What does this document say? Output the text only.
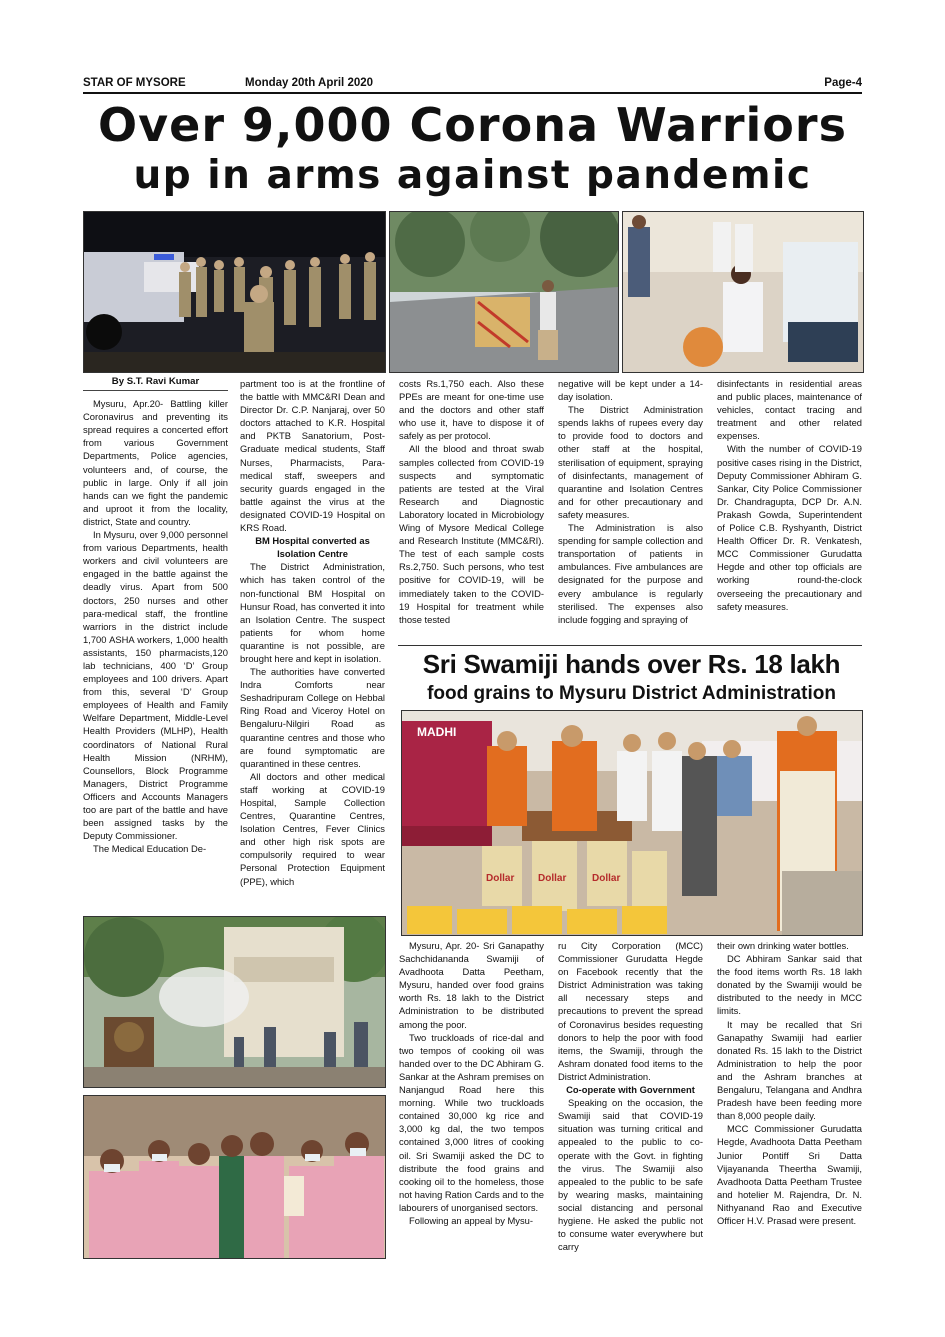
STAR OF MYSORE	Monday 20th April 2020	Page-4
Over 9,000 Corona Warriors
up in arms against pandemic
By S.T. Ravi Kumar

Mysuru, Apr.20- Battling killer Coronavirus and preventing its spread requires a concerted effort from various Government Departments, Police agencies, volunteers and, of course, the public in large. Only if all join hands can we fight the pandemic and uproot it from the locality, district, State and country.

In Mysuru, over 9,000 personnel from various Departments, health workers and civil volunteers are engaged in the battle against the deadly virus. Apart from 500 doctors, 250 nurses and other para-medical staff, the frontline warriors in the district include 1,700 ASHA workers, 1,000 health assistants, 150 pharmacists,120 lab technicians, 400 ‘D’ Group employees and 100 drivers. Apart from this, several ‘D’ Group employees of Health and Family Welfare Department, Middle-Level Health Providers (MLHP), Health coordinators of National Rural Health Mission (NRHM), Counsellors, Block Programme Managers, District Programme Officers and Accounts Managers too are part of the battle and have been assigned tasks by the Deputy Commissioner.

The Medical Education De-

partment too is at the frontline of the battle with MMC&RI Dean and Director Dr. C.P. Nanjaraj, over 50 doctors attached to K.R. Hospital and PKTB Sanatorium, Post-Graduate medical students, Staff Nurses, Pharmacists, Para-medical staff, sweepers and security guards engaged in the battle against the virus at the designated COVID-19 Hospital on KRS Road.

BM Hospital converted as Isolation Centre

The District Administration, which has taken control of the non-functional BM Hospital on Hunsur Road, has converted it into an Isolation Centre. The suspect patients for whom home quarantine is not possible, are brought here and kept in isolation.

The authorities have converted Indra Comforts near Seshadripuram College on Hebbal Ring Road and Viceroy Hotel on Bengaluru-Nilgiri Road as quarantine centres and those who are found symptomatic are quarantined in these centres.

All doctors and other medical staff working at COVID-19 Hospital, Sample Collection Centres, Quarantine Centres, Isolation Centres, Fever Clinics and other high risk spots are compulsorily required to wear Personal Protection Equipment (PPE), which

costs Rs.1,750 each. Also these PPEs are meant for one-time use and the doctors and other staff who use it, have to dispose it of safely as per protocol.

All the blood and throat swab samples collected from COVID-19 suspects and symptomatic patients are tested at the Viral Research and Diagnostic Laboratory located in Microbiology Wing of Mysore Medical College and Research Institute (MMC&RI). The test of each sample costs Rs.2,750. Such persons, who test positive for COVID-19, will be immediately taken to the COVID-19 Hospital for treatment while those tested

negative will be kept under a 14-day isolation.

The District Administration spends lakhs of rupees every day to provide food to doctors and other staff at the hospital, sterilisation of equipment, spraying of disinfectants, management of quarantine and Isolation Centres and for other precautionary and safety measures.

The Administration is also spending for sample collection and transportation of patients in ambulances. Five ambulances are designated for the purpose and every ambulance is regularly sterilised. The expenses also include fogging and spraying of

disinfectants in residential areas and public places, maintenance of vehicles, contact tracing and treatment and other related expenses.

With the number of COVID-19 positive cases rising in the District, Deputy Commissioner Abhiram G. Sankar, City Police Commissioner Dr. Chandragupta, DCP Dr. A.N. Prakash Gowda, Superintendent of Police C.B. Ryshyanth, District Health Officer Dr. R. Venkatesh, MCC Commissioner Gurudatta Hegde and other top officials are working round-the-clock overseeing the precautionary and safety measures.

Sri Swamiji hands over Rs. 18 lakh
food grains to Mysuru District Administration
MADHI
Dollar Dollar	Dollar

Mysuru, Apr. 20- Sri Ganapathy Sachchidananda Swamiji of Avadhoota Datta Peetham, Mysuru, handed over food grains worth Rs. 18 lakh to the District Administration to be distributed among the poor.

Two truckloads of rice-dal and two tempos of cooking oil was handed over to the DC Abhiram G. Sankar at the Ashram premises on Nanjangud Road here this morning. While two truckloads contained 30,000 kg rice and 3,000 kg dal, the two tempos contained 3,000 litres of cooking oil. Sri Swamiji asked the DC to distribute the food grains and cooking oil to the homeless, those not having Ration Cards and to the labourers of unorganised sectors.

Following an appeal by Mysu-

ru City Corporation (MCC) Commissioner Gurudatta Hegde on Facebook recently that the District Administration was taking all necessary steps and precautions to prevent the spread of Coronavirus besides requesting donors to help the poor with food items, the Swamiji, through the Ashram donated food items to the District Administration.

Co-operate with Government

Speaking on the occasion, the Swamiji said that COVID-19 situation was turning critical and appealed to the public to co-operate with the Govt. in fighting the virus. The Swamiji also appealed to the public to be safe by wearing masks, maintaining social distancing and personal hygiene. He asked the public not to consume water everywhere but carry

their own drinking water bottles.

DC Abhiram Sankar said that the food items worth Rs. 18 lakh donated by the Swamiji would be distributed to the needy in MCC limits.

It may be recalled that Sri Ganapathy Swamiji had earlier donated Rs. 15 lakh to the District Administration to help the poor and the Ashram branches at Bengaluru, Telangana and Andhra Pradesh have been feeding more than 8,000 people daily.

MCC Commissioner Gurudatta Hegde, Avadhoota Datta Peetham Junior Pontiff Sri Datta Vijayananda Theertha Swamiji, Avadhoota Datta Peetham Trustee and hotelier M. Rajendra, Dr. N. Nithyanand Rao and Executive Officer H.V. Prasad were present.
